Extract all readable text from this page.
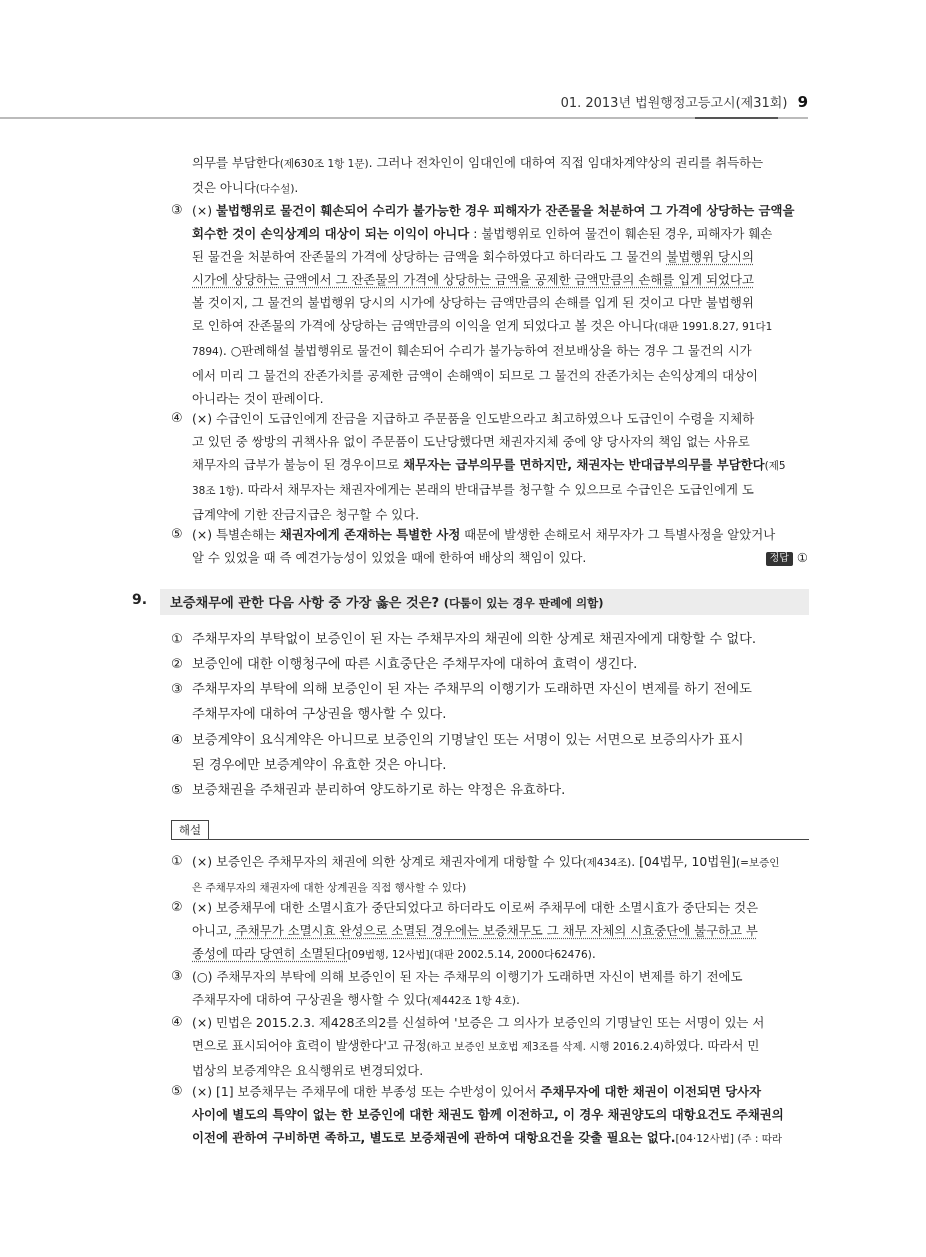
01. 2013년 법원행정고등고시(제31회) 9
의무를 부담한다(제630조 1항 1문). 그러나 전차인이 임대인에 대하여 직접 임대차계약상의 권리를 취득하는
것은 아니다(다수설).
③ (×) 불법행위로 물건이 훼손되어 수리가 불가능한 경우 피해자가 잔존물을 처분하여 그 가격에 상당하는 금액을
회수한 것이 손익상계의 대상이 되는 이익이 아니다 : 불법행위로 인하여 물건이 훼손된 경우, 피해자가 훼손
된 물건을 처분하여 잔존물의 가격에 상당하는 금액을 회수하였다고 하더라도 그 물건의 불법행위 당시의
시가에 상당하는 금액에서 그 잔존물의 가격에 상당하는 금액을 공제한 금액만큼의 손해를 입게 되었다고
볼 것이지, 그 물건의 불법행위 당시의 시가에 상당하는 금액만큼의 손해를 입게 된 것이고 다만 불법행위
로 인하여 잔존물의 가격에 상당하는 금액만큼의 이익을 얻게 되었다고 볼 것은 아니다(대판 1991.8.27, 91다1
7894). ○판례해설 불법행위로 물건이 훼손되어 수리가 불가능하여 전보배상을 하는 경우 그 물건의 시가
에서 미리 그 물건의 잔존가치를 공제한 금액이 손해액이 되므로 그 물건의 잔존가치는 손익상계의 대상이
아니라는 것이 판례이다.
④ (×) 수급인이 도급인에게 잔금을 지급하고 주문품을 인도받으라고 최고하였으나 도급인이 수령을 지체하
고 있던 중 쌍방의 귀책사유 없이 주문품이 도난당했다면 채권자지체 중에 양 당사자의 책임 없는 사유로
채무자의 급부가 불능이 된 경우이므로 채무자는 급부의무를 면하지만, 채권자는 반대급부의무를 부담한다(제5
38조 1항). 따라서 채무자는 채권자에게는 본래의 반대급부를 청구할 수 있으므로 수급인은 도급인에게 도
급계약에 기한 잔금지급은 청구할 수 있다.
⑤ (×) 특별손해는 채권자에게 존재하는 특별한 사정 때문에 발생한 손해로서 채무자가 그 특별사정을 알았거나
알 수 있었을 때 즉 예견가능성이 있었을 때에 한하여 배상의 책임이 있다.	정답 ①
9. 보증채무에 관한 다음 사항 중 가장 옳은 것은? (다툼이 있는 경우 판례에 의함)
① 주채무자의 부탁없이 보증인이 된 자는 주채무자의 채권에 의한 상계로 채권자에게 대항할 수 없다.
② 보증인에 대한 이행청구에 따른 시효중단은 주채무자에 대하여 효력이 생긴다.
③ 주채무자의 부탁에 의해 보증인이 된 자는 주채무의 이행기가 도래하면 자신이 변제를 하기 전에도
주채무자에 대하여 구상권을 행사할 수 있다.
④ 보증계약이 요식계약은 아니므로 보증인의 기명날인 또는 서명이 있는 서면으로 보증의사가 표시
된 경우에만 보증계약이 유효한 것은 아니다.
⑤ 보증채권을 주채권과 분리하여 양도하기로 하는 약정은 유효하다.
해설
① (×) 보증인은 주채무자의 채권에 의한 상계로 채권자에게 대항할 수 있다(제434조). [04법무, 10법원](=보증인
은 주채무자의 채권자에 대한 상계권을 직접 행사할 수 있다)
② (×) 보증채무에 대한 소멸시효가 중단되었다고 하더라도 이로써 주채무에 대한 소멸시효가 중단되는 것은
아니고, 주채무가 소멸시효 완성으로 소멸된 경우에는 보증채무도 그 채무 자체의 시효중단에 불구하고 부
종성에 따라 당연히 소멸된다[09법행, 12사법](대판 2002.5.14, 2000다62476).
③ (○) 주채무자의 부탁에 의해 보증인이 된 자는 주채무의 이행기가 도래하면 자신이 변제를 하기 전에도
주채무자에 대하여 구상권을 행사할 수 있다(제442조 1항 4호).
④ (×) 민법은 2015.2.3. 제428조의2를 신설하여 '보증은 그 의사가 보증인의 기명날인 또는 서명이 있는 서
면으로 표시되어야 효력이 발생한다'고 규정(하고 보증인 보호법 제3조를 삭제. 시행 2016.2.4)하였다. 따라서 민
법상의 보증계약은 요식행위로 변경되었다.
⑤ (×) [1] 보증채무는 주채무에 대한 부종성 또는 수반성이 있어서 주채무자에 대한 채권이 이전되면 당사자
사이에 별도의 특약이 없는 한 보증인에 대한 채권도 함께 이전하고, 이 경우 채권양도의 대항요건도 주채권의
이전에 관하여 구비하면 족하고, 별도로 보증채권에 관하여 대항요건을 갖출 필요는 없다.[04·12사법] (주 : 따라
